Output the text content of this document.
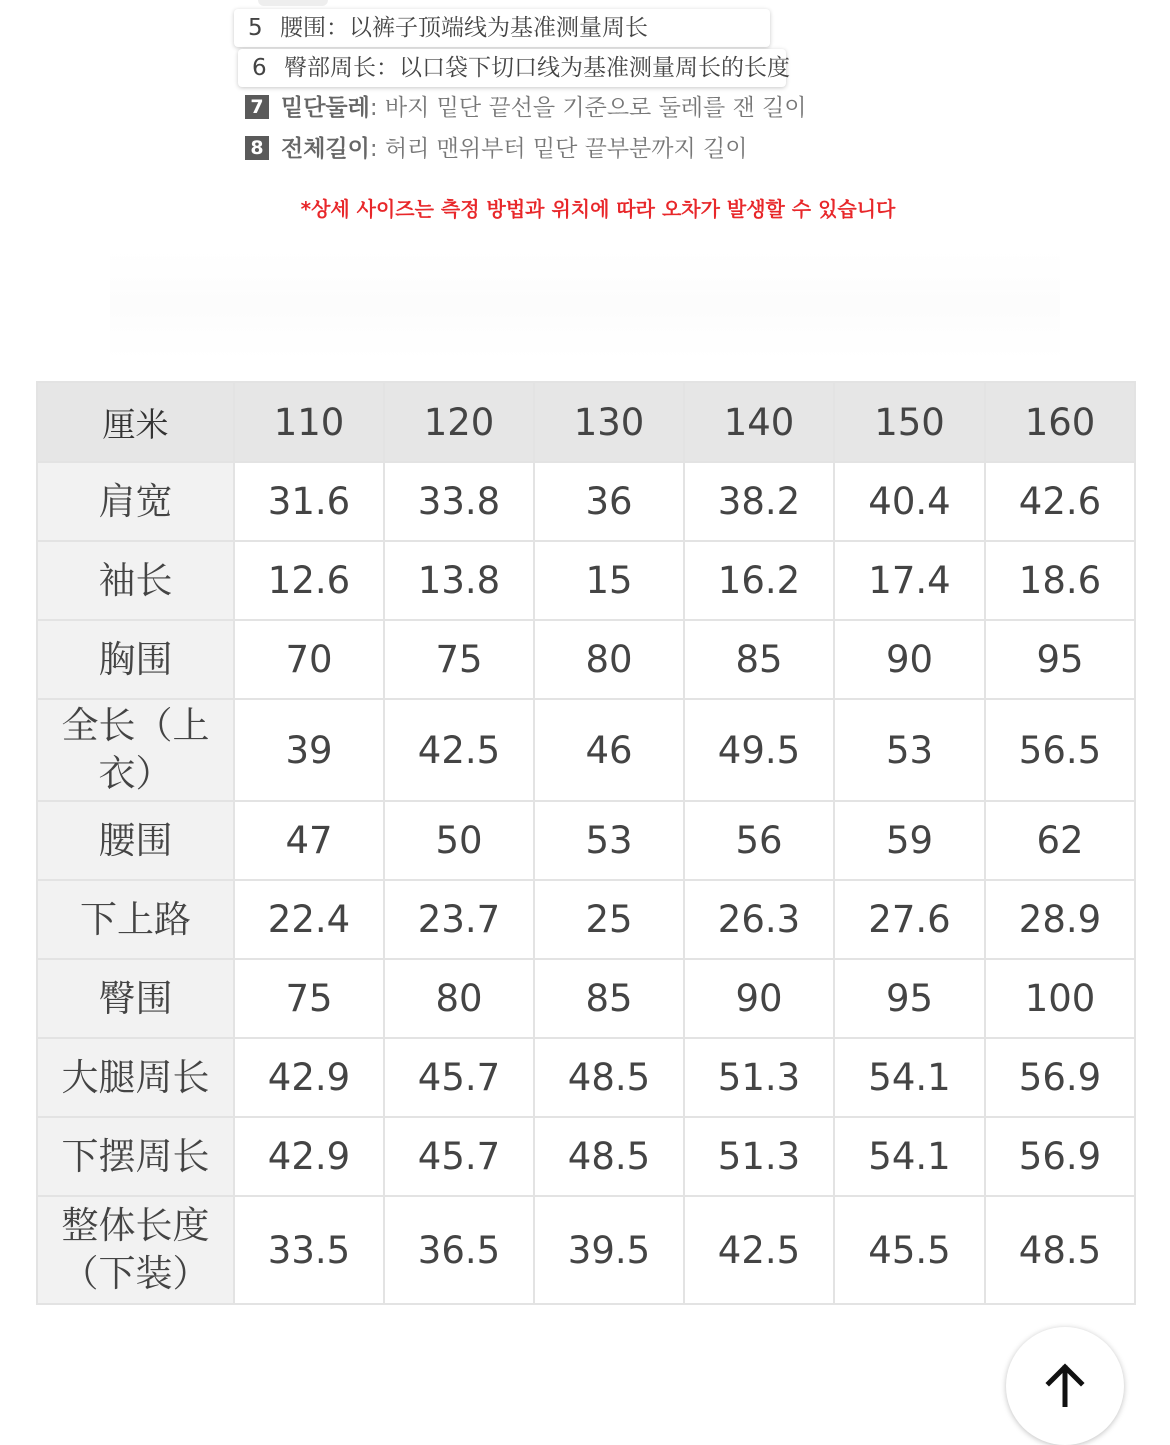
5 腰围：以裤子顶端线为基准测量周长
6 臀部周长：以口袋下切口线为基准测量周长的长度
7 밑단둘레: 바지 밑단 끝선을 기준으로 둘레를 잰 길이
8 전체길이: 허리 맨위부터 밑단 끝부분까지 길이
*상세 사이즈는 측정 방법과 위치에 따라 오차가 발생할 수 있습니다
厘米	110	120	130	140	150	160
肩宽	31.6	33.8	36	38.2	40.4	42.6
袖长	12.6	13.8	15	16.2	17.4	18.6
胸围	70	75	80	85	90	95
全长（上衣）	39	42.5	46	49.5	53	56.5
腰围	47	50	53	56	59	62
下上路	22.4	23.7	25	26.3	27.6	28.9
臀围	75	80	85	90	95	100
大腿周长	42.9	45.7	48.5	51.3	54.1	56.9
下摆周长	42.9	45.7	48.5	51.3	54.1	56.9
整体长度（下装）	33.5	36.5	39.5	42.5	45.5	48.5
